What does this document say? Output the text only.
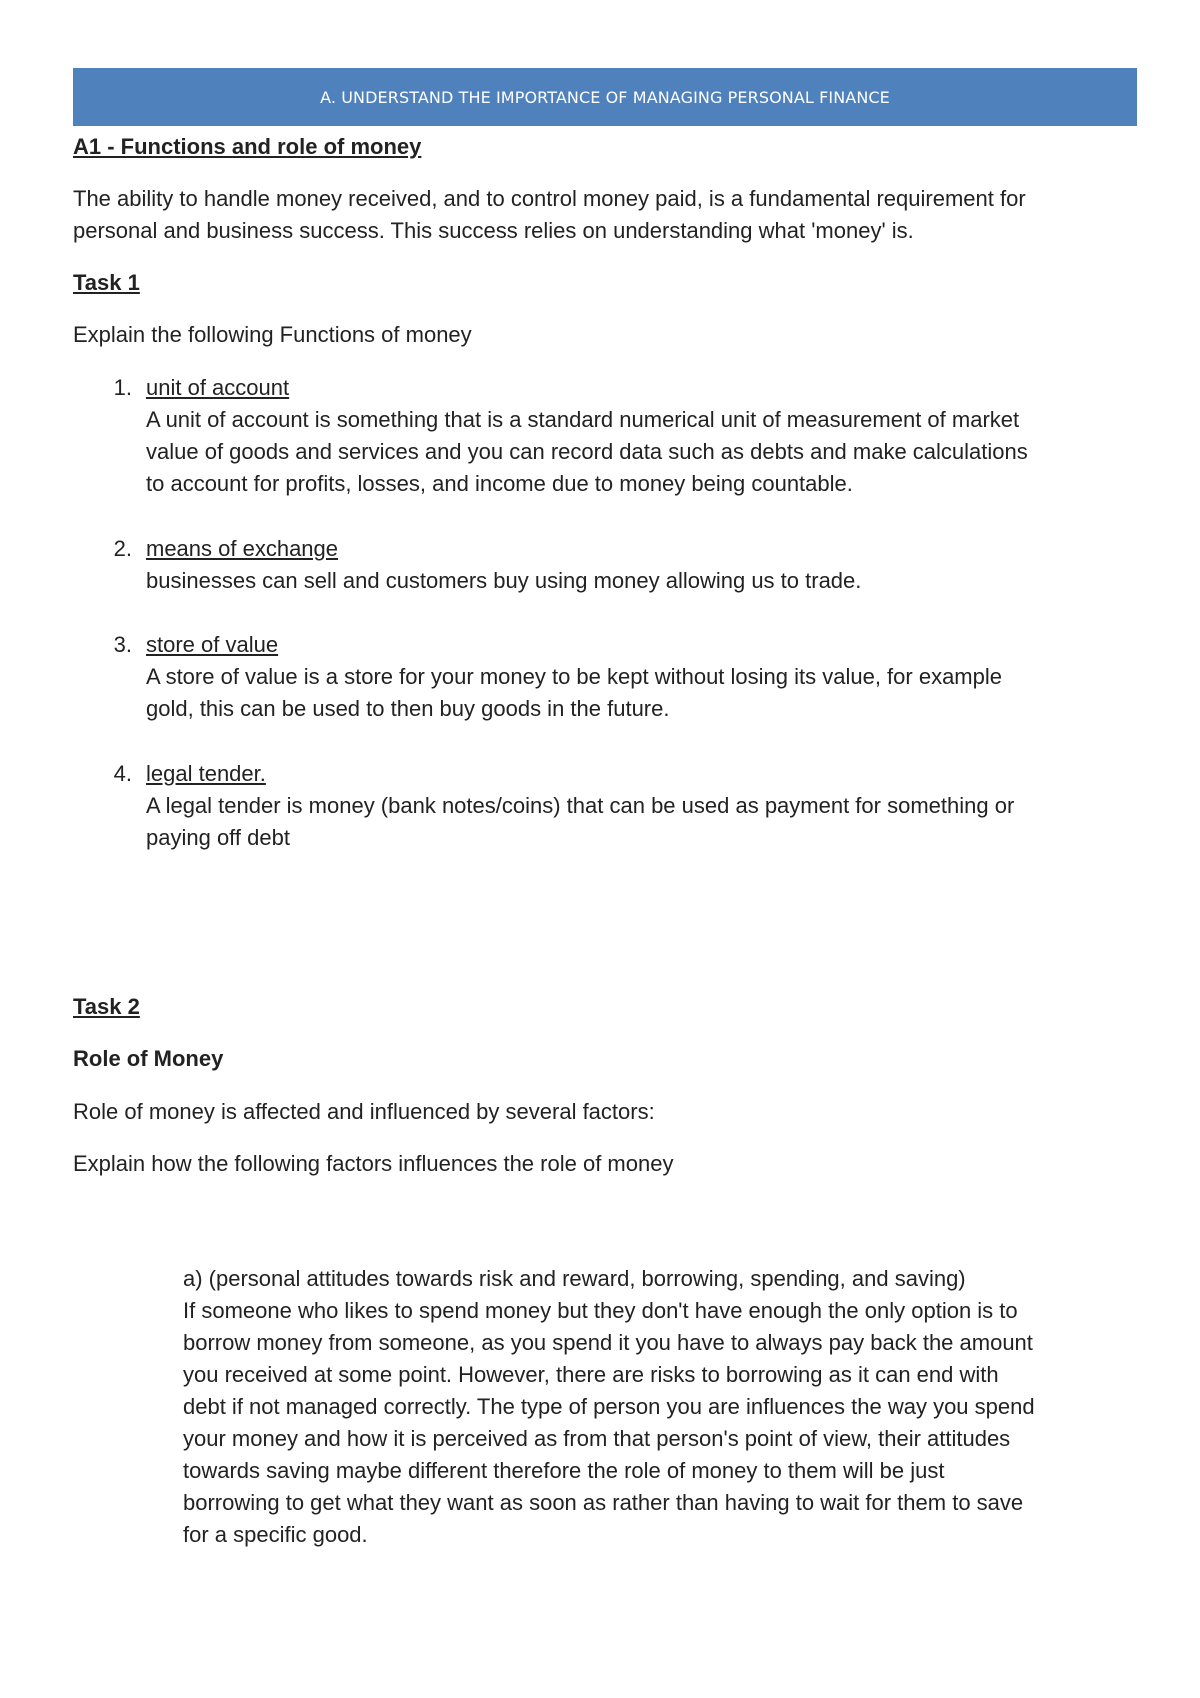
A. UNDERSTAND THE IMPORTANCE OF MANAGING PERSONAL FINANCE
A1 - Functions and role of money
The ability to handle money received, and to control money paid, is a fundamental requirement for
personal and business success. This success relies on understanding what 'money' is.
Task 1
Explain the following Functions of money
1. unit of account
A unit of account is something that is a standard numerical unit of measurement of market
value of goods and services and you can record data such as debts and make calculations
to account for profits, losses, and income due to money being countable.
2. means of exchange
businesses can sell and customers buy using money allowing us to trade.
3. store of value
A store of value is a store for your money to be kept without losing its value, for example
gold, this can be used to then buy goods in the future.
4. legal tender.
A legal tender is money (bank notes/coins) that can be used as payment for something or
paying off debt
Task 2
Role of Money
Role of money is affected and influenced by several factors:
Explain how the following factors influences the role of money
a) (personal attitudes towards risk and reward, borrowing, spending, and saving)
If someone who likes to spend money but they don't have enough the only option is to
borrow money from someone, as you spend it you have to always pay back the amount
you received at some point. However, there are risks to borrowing as it can end with
debt if not managed correctly. The type of person you are influences the way you spend
your money and how it is perceived as from that person's point of view, their attitudes
towards saving maybe different therefore the role of money to them will be just
borrowing to get what they want as soon as rather than having to wait for them to save
for a specific good.
